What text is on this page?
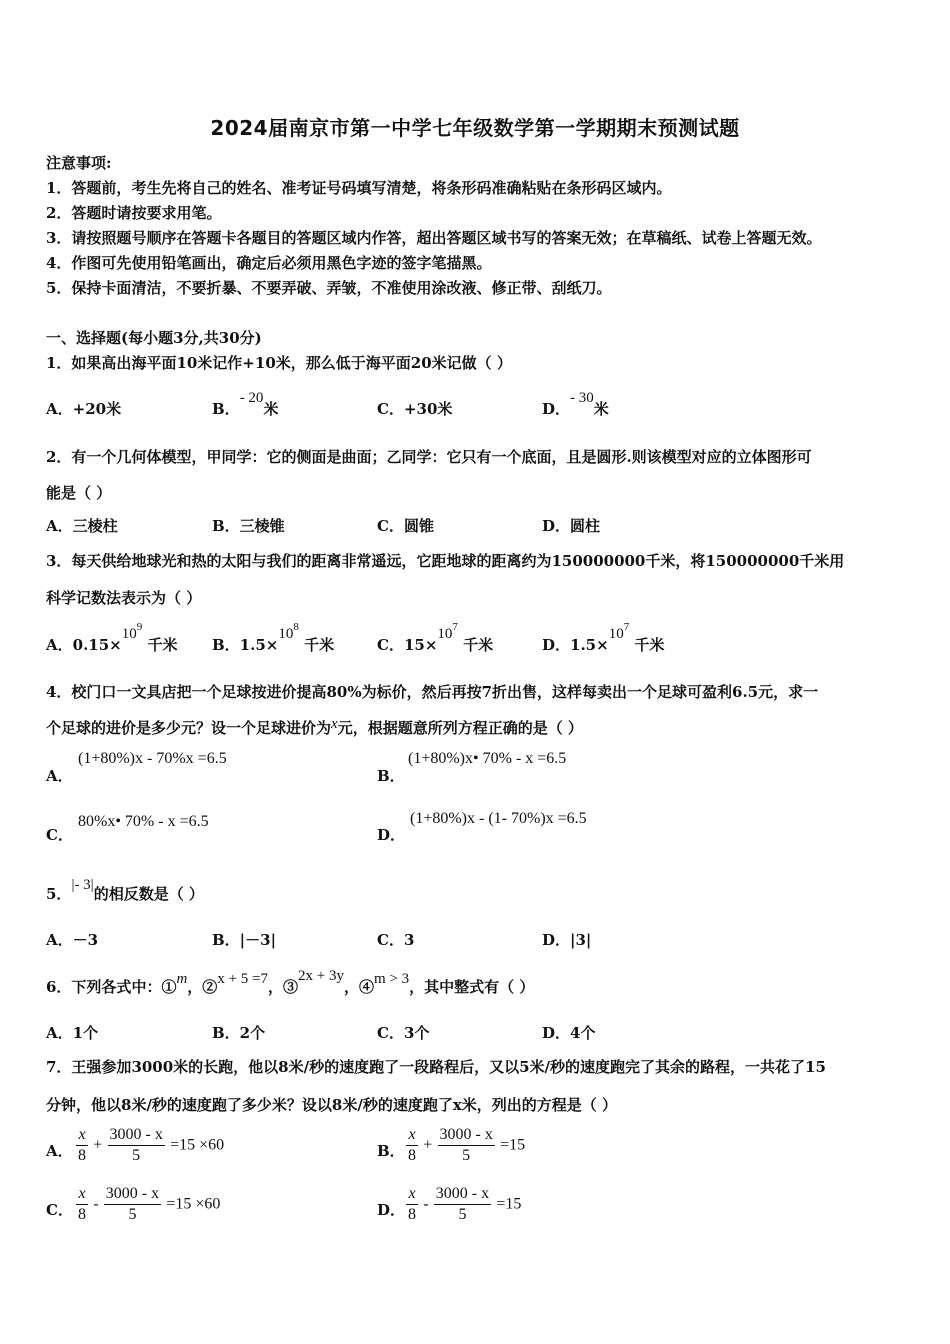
2024届南京市第一中学七年级数学第一学期期末预测试题
注意事项:
1．答题前，考生先将自己的姓名、准考证号码填写清楚，将条形码准确粘贴在条形码区域内。
2．答题时请按要求用笔。
3．请按照题号顺序在答题卡各题目的答题区域内作答，超出答题区域书写的答案无效；在草稿纸、试卷上答题无效。
4．作图可先使用铅笔画出，确定后必须用黑色字迹的签字笔描黑。
5．保持卡面清洁，不要折暴、不要弄破、弄皱，不准使用涂改液、修正带、刮纸刀。
一、选择题(每小题3分,共30分)
1．如果高出海平面10米记作+10米，那么低于海平面20米记做（ ）
A．+20米	B．- 20米	C．+30米	D．- 30米
2．有一个几何体模型，甲同学：它的侧面是曲面；乙同学：它只有一个底面，且是圆形.则该模型对应的立体图形可
能是（ ）
A．三棱柱	B．三棱锥	C．圆锥	D．圆柱
3．每天供给地球光和热的太阳与我们的距离非常遥远，它距地球的距离约为150000000千米，将150000000千米用
科学记数法表示为（ ）
A．$0.15\times 10^9$ 千米 B．$1.5\times 10^8$ 千米	C．$15\times 10^7$ 千米	D．$1.5\times 10^7$ 千米
4．校门口一文具店把一个足球按进价提高80%为标价，然后再按7折出售，这样每卖出一个足球可盈利6.5元，求一
个足球的进价是多少元？设一个足球进价为x元，根据题意所列方程正确的是（ ）
A．
(1+80%)x - 70%x =6.5
B．
(1+80%)x• 70% - x =6.5
C．
80%x• 70% - x =6.5
D．
(1+80%)x - (1- 70%)x =6.5
5．|- 3|的相反数是（ ）
A．－3	B．|－3|	C．3	D．|3|
6．下列各式中：①m，②x + 5 =7，③2x + 3y，④m > 3，其中整式有（ ）
A．1个	B．2个	C．3个	D．4个
7．王强参加3000米的长跑，他以8米/秒的速度跑了一段路程后，又以5米/秒的速度跑完了其余的路程，一共花了15
分钟，他以8米/秒的速度跑了多少米？设以8米/秒的速度跑了x米，列出的方程是（ ）
A． $\frac{x}{8} + \frac{3000 - x}{5} =15 \times 60$	B． $\frac{x}{8} + \frac{3000 - x}{5} =15$
C． $\frac{x}{8} - \frac{3000 - x}{5} =15 \times 60$	D． $\frac{x}{8} - \frac{3000 - x}{5} =15$
